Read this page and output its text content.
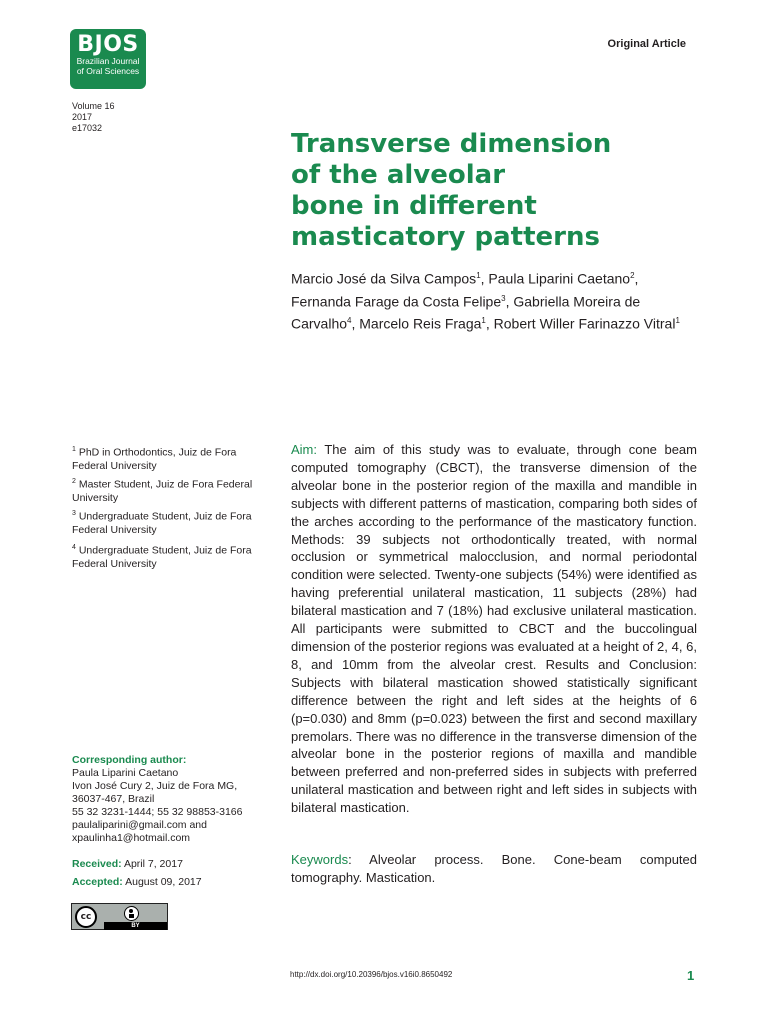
BJOS
Brazilian Journal
of Oral Sciences
Original Article
Volume 16
2017
e17032
Transverse dimension
of the alveolar
bone in different
masticatory patterns
Marcio José da Silva Campos$^1$, Paula Liparini Caetano$^2$, Fernanda Farage da Costa Felipe$^3$, Gabriella Moreira de Carvalho$^4$, Marcelo Reis Fraga$^1$, Robert Willer Farinazzo Vitral$^1$
$^1$ PhD in Orthodontics, Juiz de Fora Federal University
$^2$ Master Student, Juiz de Fora Federal University
$^3$ Undergraduate Student, Juiz de Fora Federal University
$^4$ Undergraduate Student, Juiz de Fora Federal University
Aim: The aim of this study was to evaluate, through cone beam computed tomography (CBCT), the transverse dimension of the alveolar bone in the posterior region of the maxilla and mandible in subjects with different patterns of mastication, comparing both sides of the arches according to the performance of the masticatory function. Methods: 39 subjects not orthodontically treated, with normal occlusion or symmetrical malocclusion, and normal periodontal condition were selected. Twenty-one subjects (54%) were identified as having preferential unilateral mastication, 11 subjects (28%) had bilateral mastication and 7 (18%) had exclusive unilateral mastication. All participants were submitted to CBCT and the buccolingual dimension of the posterior regions was evaluated at a height of 2, 4, 6, 8, and 10mm from the alveolar crest. Results and Conclusion: Subjects with bilateral mastication showed statistically significant difference between the right and left sides at the heights of 6 (p=0.030) and 8mm (p=0.023) between the first and second maxillary premolars. There was no difference in the transverse dimension of the alveolar bone in the posterior regions of maxilla and mandible between preferred and non-preferred sides in subjects with preferred unilateral mastication and between right and left sides in subjects with bilateral mastication.
Keywords: Alveolar process. Bone. Cone-beam computed tomography. Mastication.
Corresponding author:
Paula Liparini Caetano
Ivon José Cury 2, Juiz de Fora MG,
36037-467, Brazil
55 32 3231-1444; 55 32 98853-3166
paulaliparini@gmail.com and
xpaulinha1@hotmail.com
Received: April 7, 2017
Accepted: August 09, 2017
cc
BY
http://dx.doi.org/10.20396/bjos.v16i0.8650492	1
